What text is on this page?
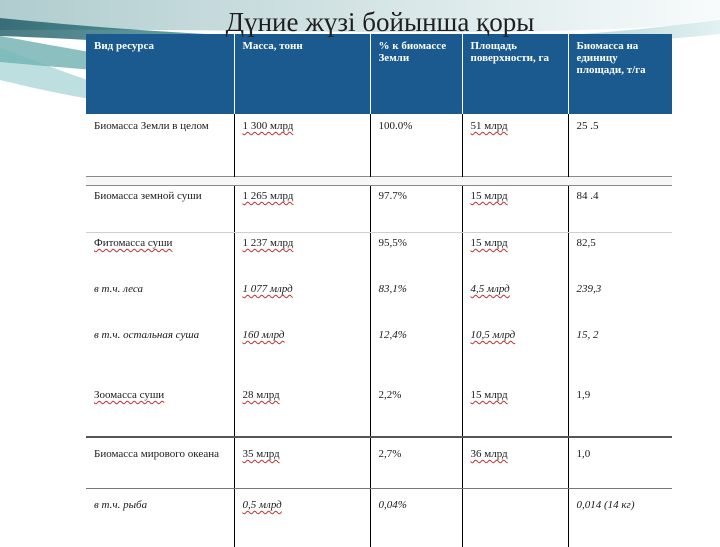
Дүние жүзі бойынша қоры
Вид ресурса	Масса, тонн	% к биомассе Земли	Площадь поверхности, га	Биомасса на единицу площади, т/га

Биомасса Земли в целом	1 300 млрд	100.0%	51 млрд	25 .5

Биомасса земной суши	1 265 млрд	97.7%	15 млрд	84 .4

Фитомасса суши	1 237 млрд	95,5%	15 млрд	82,5

в т.ч. леса	1 077 млрд	83,1%	4,5 млрд	239,3

в т.ч. остальная суша	160 млрд	12,4%	10,5 млрд	15, 2

Зоомасса суши	28 млрд	2,2%	15 млрд	1,9
Биомасса мирового океана	35 млрд	2,7%	36 млрд	1,0

в т.ч. рыба	0,5 млрд	0,04%		0,014 (14 кг)
